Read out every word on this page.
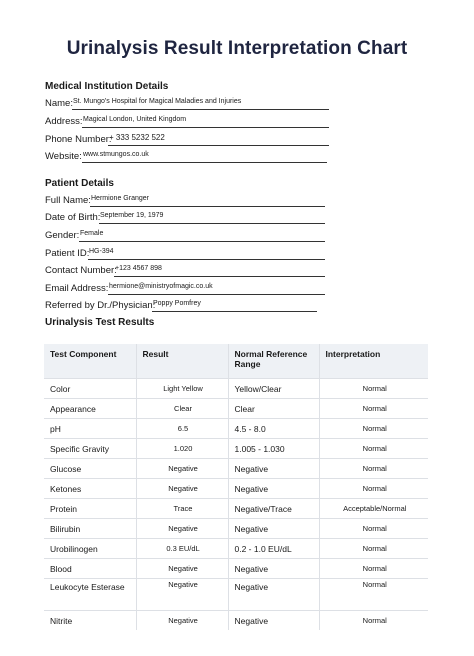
Urinalysis Result Interpretation Chart
Medical Institution Details
Name: St. Mungo's Hospital for Magical Maladies and Injuries
Address: Magical London, United Kingdom
Phone Number:
+ 333 5232 522
Website: www.stmungos.co.uk
Patient Details
Full Name: Hermione Granger
Date of Birth: September 19, 1979
Gender: Female
Patient ID: HG-394
Contact Number:
+123 4567 898
Email Address: hermione@ministryofmagic.co.uk
Referred by Dr./Physician:
Poppy Pomfrey
Urinalysis Test Results
Test Component	Result	Normal Reference Range	Interpretation
Color	Light Yellow	Yellow/Clear	Normal
Appearance	Clear	Clear	Normal
pH	6.5	4.5 - 8.0	Normal
Specific Gravity	1.020	1.005 - 1.030	Normal
Glucose	Negative	Negative	Normal
Ketones	Negative	Negative	Normal
Protein	Trace	Negative/Trace	Acceptable/Normal
Bilirubin	Negative	Negative	Normal
Urobilinogen	0.3 EU/dL	0.2 - 1.0 EU/dL	Normal
Blood	Negative	Negative	Normal
Leukocyte Esterase	Negative	Negative	Normal
Nitrite	Negative	Negative	Normal
